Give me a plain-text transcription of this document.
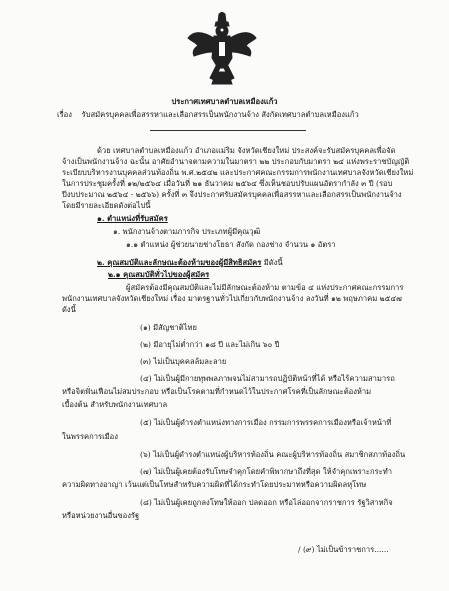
ประกาศเทศบาลตำบลเหมืองแก้ว
เรื่อง รับสมัครบุคคลเพื่อสรรหาและเลือกสรรเป็นพนักงานจ้าง สังกัดเทศบาลตำบลเหมืองแก้ว
ด้วย เทศบาลตำบลเหมืองแก้ว อำเภอแม่ริม จังหวัดเชียงใหม่ ประสงค์จะรับสมัครบุคคลเพื่อจัด
จ้างเป็นพนักงานจ้าง ฉะนั้น อาศัยอำนาจตามความในมาตรา ๒๒ ประกอบกับมาตรา ๒๔ แห่งพระราชบัญญัติ
ระเบียบบริหารงานบุคคลส่วนท้องถิ่น พ.ศ.๒๕๔๒ และประกาศคณะกรรมการพนักงานเทศบาลจังหวัดเชียงใหม่
ในการประชุมครั้งที่ ๑๒/๒๕๖๔ เมื่อวันที่ ๒๑ ธันวาคม ๒๕๖๔ ซึ่งเห็นชอบปรับแผนอัตรากำลัง ๓ ปี (รอบ
ปีงบประมาณ ๒๕๖๔ - ๒๕๖๖) ครั้งที่ ๓ จึงประกาศรับสมัครบุคคลเพื่อสรรหาและเลือกสรรเป็นพนักงานจ้าง
โดยมีรายละเอียดดังต่อไปนี้
๑. ตำแหน่งที่รับสมัคร
๑. พนักงานจ้างตามภารกิจ ประเภทผู้มีคุณวุฒิ
๑.๑ ตำแหน่ง ผู้ช่วยนายช่างโยธา สังกัด กองช่าง จำนวน ๑ อัตรา
๒. คุณสมบัติและลักษณะต้องห้ามของผู้มีสิทธิสมัคร มีดังนี้
๒.๑ คุณสมบัติทั่วไปของผู้สมัคร
ผู้สมัครต้องมีคุณสมบัติและไม่มีลักษณะต้องห้าม ตามข้อ ๔ แห่งประกาศคณะกรรมการ
พนักงานเทศบาลจังหวัดเชียงใหม่ เรื่อง มาตรฐานทั่วไปเกี่ยวกับพนักงานจ้าง ลงวันที่ ๑๒ พฤษภาคม ๒๕๔๗
ดังนี้
(๑) มีสัญชาติไทย
(๒) มีอายุไม่ต่ำกว่า ๑๘ ปี และไม่เกิน ๖๐ ปี
(๓) ไม่เป็นบุคคลล้มละลาย
(๔) ไม่เป็นผู้มีกายทุพพลภาพจนไม่สามารถปฏิบัติหน้าที่ได้ หรือไร้ความสามารถ
หรือจิตฟั่นเฟือนไม่สมประกอบ หรือเป็นโรคตามที่กำหนดไว้ในประกาศโรคที่เป็นลักษณะต้องห้าม
เบื้องต้น สำหรับพนักงานเทศบาล
(๕) ไม่เป็นผู้ดำรงตำแหน่งทางการเมือง กรรมการพรรคการเมืองหรือเจ้าหน้าที่
ในพรรคการเมือง
(๖) ไม่เป็นผู้ดำรงตำแหน่งผู้บริหารท้องถิ่น คณะผู้บริหารท้องถิ่น สมาชิกสภาท้องถิ่น
(๗) ไม่เป็นผู้เคยต้องรับโทษจำคุกโดยคำพิพากษาถึงที่สุด ให้จำคุกเพราะกระทำ
ความผิดทางอาญา เว้นแต่เป็นโทษสำหรับความผิดที่ได้กระทำโดยประมาทหรือความผิดลหุโทษ
(๘) ไม่เป็นผู้เคยถูกลงโทษให้ออก ปลดออก หรือไล่ออกจากราชการ รัฐวิสาหกิจ
หรือหน่วยงานอื่นของรัฐ
/ (๙) ไม่เป็นข้าราชการ......
